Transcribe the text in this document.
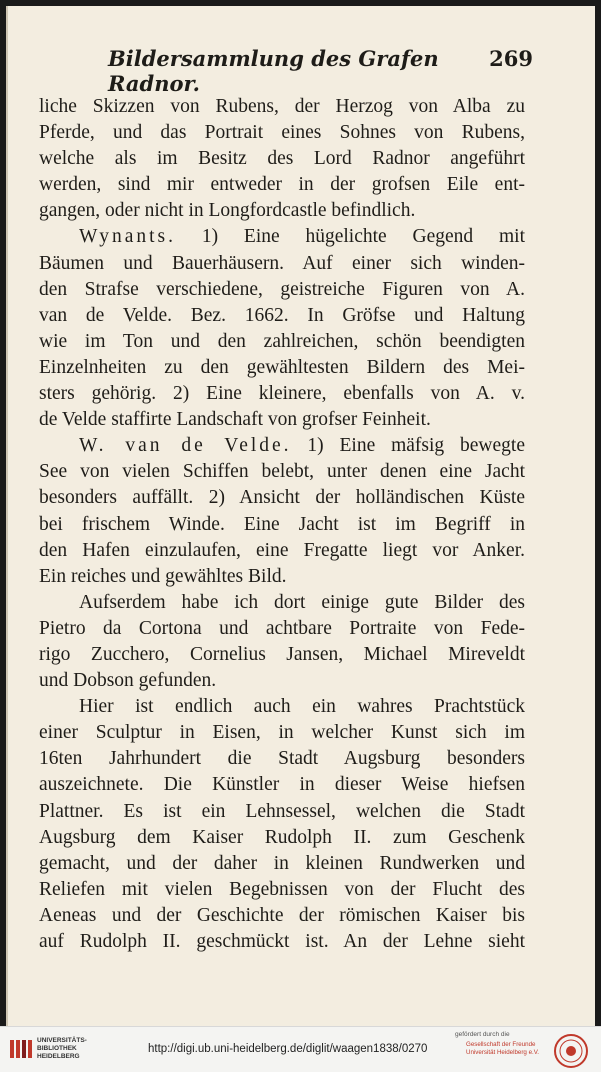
Bildersammlung des Grafen Radnor.
269
liche Skizzen von Rubens, der Herzog von Alba zu
Pferde, und das Portrait eines Sohnes von Rubens,
welche als im Besitz des Lord Radnor angeführt
werden, sind mir entweder in der grofsen Eile ent-
gangen, oder nicht in Longfordcastle befindlich.
Wynants. 1) Eine hügelichte Gegend mit
Bäumen und Bauerhäusern. Auf einer sich winden-
den Strafse verschiedene, geistreiche Figuren von A.
van de Velde. Bez. 1662. In Gröfse und Haltung
wie im Ton und den zahlreichen, schön beendigten
Einzelnheiten zu den gewähltesten Bildern des Mei-
sters gehörig. 2) Eine kleinere, ebenfalls von A. v.
de Velde staffirte Landschaft von grofser Feinheit.
W. van de Velde. 1) Eine mäfsig bewegte
See von vielen Schiffen belebt, unter denen eine Jacht
besonders auffällt. 2) Ansicht der holländischen Küste
bei frischem Winde. Eine Jacht ist im Begriff in
den Hafen einzulaufen, eine Fregatte liegt vor Anker.
Ein reiches und gewähltes Bild.
Aufserdem habe ich dort einige gute Bilder des
Pietro da Cortona und achtbare Portraite von Fede-
rigo Zucchero, Cornelius Jansen, Michael Mireveldt
und Dobson gefunden.
Hier ist endlich auch ein wahres Prachtstück
einer Sculptur in Eisen, in welcher Kunst sich im
16ten Jahrhundert die Stadt Augsburg besonders
auszeichnete. Die Künstler in dieser Weise hiefsen
Plattner. Es ist ein Lehnsessel, welchen die Stadt
Augsburg dem Kaiser Rudolph II. zum Geschenk
gemacht, und der daher in kleinen Rundwerken und
Reliefen mit vielen Begebnissen von der Flucht des
Aeneas und der Geschichte der römischen Kaiser bis
auf Rudolph II. geschmückt ist. An der Lehne sieht
UNIVERSITÄTS-
BIBLIOTHEK
HEIDELBERG
http://digi.ub.uni-heidelberg.de/diglit/waagen1838/0270
gefördert durch die
Gesellschaft der Freunde
Universität Heidelberg e.V.
